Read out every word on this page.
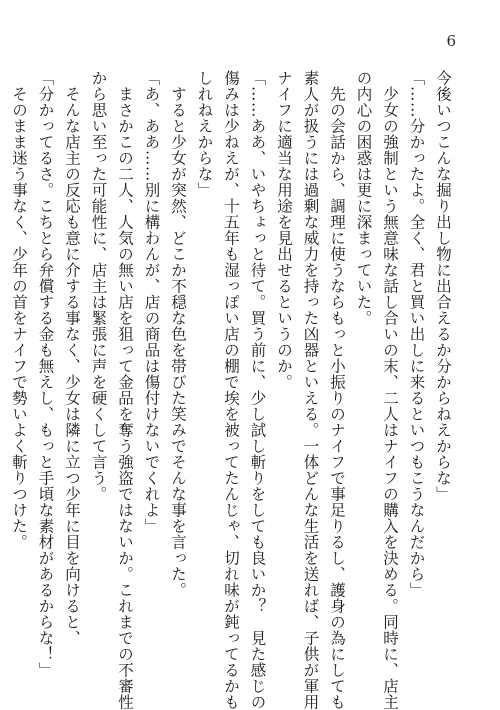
6
今後いつこんな掘り出し物に出合えるか分からねえからな」
「……分かったよ。全く、君と買い出しに来るといつもこうなんだから」
　少女の強制という無意味な話し合いの末、二人はナイフの購入を決める。同時に、店主
の内心の困惑は更に深まっていた。
　先の会話から、調理に使うならもっと小振りのナイフで事足りるし、護身の為にしても
素人が扱うには過剰な威力を持った凶器といえる。一体どんな生活を送れば、子供が軍用
ナイフに適当な用途を見出せるというのか。
「……ああ、いやちょっと待て。買う前に、少し試し斬りをしても良いか？　見た感じの
傷みは少ねえが、十五年も湿っぽい店の棚で埃を被ってたんじゃ、切れ味が鈍ってるかも
しれねえからな」
　すると少女が突然、どこか不穏な色を帯びた笑みでそんな事を言った。
「あ、ああ……別に構わんが、店の商品は傷付けないでくれよ」
　まさかこの二人、人気の無い店を狙って金品を奪う強盗ではないか。これまでの不審性
から思い至った可能性に、店主は緊張に声を硬くして言う。
　そんな店主の反応も意に介する事なく、少女は隣に立つ少年に目を向けると、
「分かってるさ。こちとら弁償する金も無えし、もっと手頃な素材があるからな！」
　そのまま迷う事なく、少年の首をナイフで勢いよく斬りつけた。
